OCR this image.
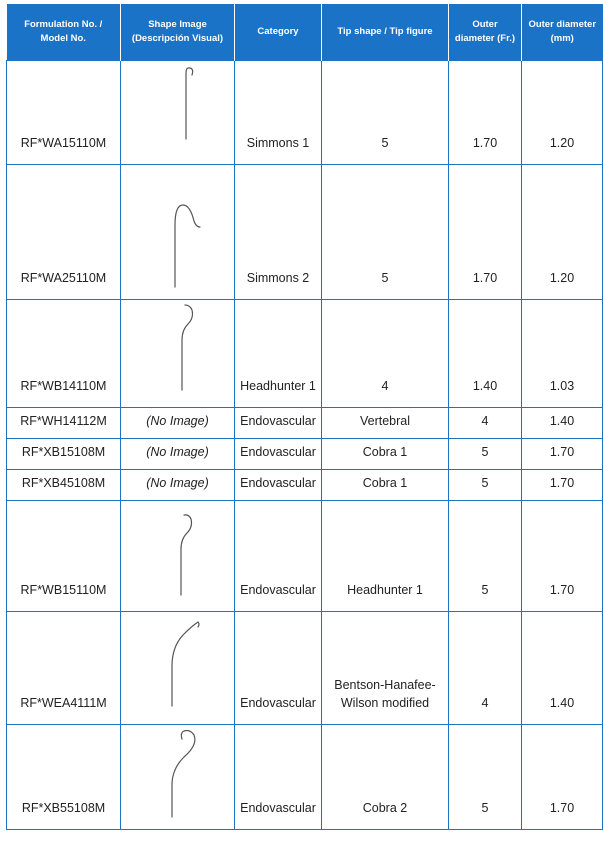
Formulation No. / Model No.	Shape Image (Descripción Visual)	Category	Tip shape / Tip figure	Outer diameter (Fr.)	Outer diameter (mm)
RF*WA15110M		Simmons 1	5	1.70	1.20
RF*WA25110M		Simmons 2	5	1.70	1.20
RF*WB14110M		Headhunter 1	4	1.40	1.03
RF*WH14112M	(No Image)	Endovascular	Vertebral	4	1.40
RF*XB15108M	(No Image)	Endovascular	Cobra 1	5	1.70
RF*XB45108M	(No Image)	Endovascular	Cobra 1	5	1.70
RF*WB15110M		Endovascular	Headhunter 1	5	1.70
RF*WEA4111M		Endovascular	Bentson-Hanafee-Wilson modified	4	1.40
RF*XB55108M		Endovascular	Cobra 2	5	1.70
